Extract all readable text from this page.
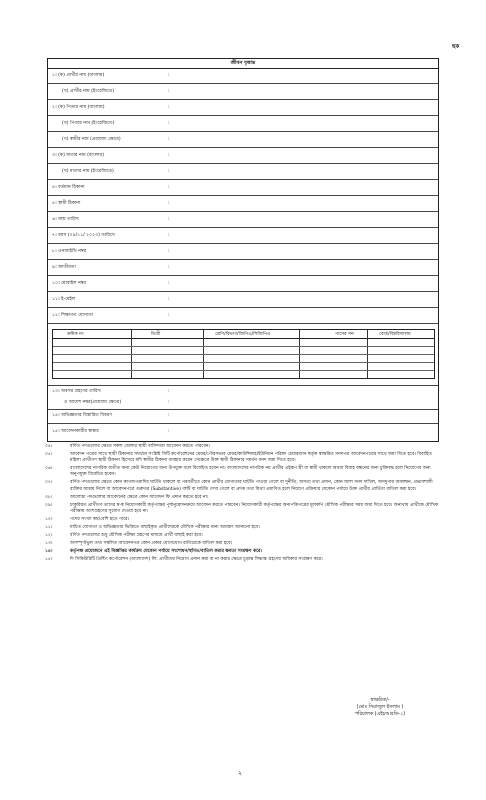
ছক
জীবন বৃত্তান্ত
১। (ক) প্রার্থীর নাম (বাংলায়)	:
(খ) প্রার্থীর নাম (ইংরেজিতে)	:
২। (ক) পিতার নাম (বাংলায়)	:
(খ) পিতার নাম (ইংরেজিতে)	:
(গ) স্বামীর নাম (প্রযোজ্য ক্ষেত্রে)	:
৩। (ক) মাতার নাম (বাংলায়)	:
(খ) মাতার নাম (ইংরেজিতে)	:
৪। বর্তমান ঠিকানা	:
৫। স্থায়ী ঠিকানা	:
৬। জন্ম তারিখ	:
৭। বয়স (০৯/১১/ ২০২৩) তারিখে	:
৮। এনআইডি নম্বর	:
৯। জাতীয়তা	:
১০। মোবাইল নম্বর	:
১১। ই-মেইল	:
১২। শিক্ষাগত যোগ্যতা	:
ক্রমিক নং	ডিগ্রী	শ্রেণি/বিভাগ/জিপিএ/সিজিপিএ	পাসের সন	বোর্ড/বিশ্ববিদ্যালয়
১৩। অবসর গ্রহণের তারিখ	:
ও আদেশ নম্বর(প্রযোজ্য ক্ষেত্রে)	:
১৪। অভিজ্ঞতার বিস্তারিত বিবরণ	:
১৫। আবেদনকারীর স্বাক্ষর	:
০৪।	বর্ণিত পদগুলোর ক্ষেত্রে সকল জেলার স্থায়ী বাসিন্দারা আবেদন করতে পারবেন।
০৫।	আবেদন পত্রের সাথে স্থায়ী ঠিকানার সমর্থনে সংশ্লিষ্ট সিটি কর্পোরেশনের মেয়র/পৌরসভার মেয়র/কাউন্সিলর/ইউনিয়ন পরিষদ চেয়ারম্যান কর্তৃক স্বাক্ষরিত সনদপত্র আবেদনপত্রের সাথে জমা দিতে হবে। বিবাহিত মহিলা প্রার্থীগণ স্থায়ী ঠিকানা হিসেবে যদি স্বামীর ঠিকানা ব্যবহার করেন সেক্ষেত্রে উক্ত স্থায়ী ঠিকানার সমর্থন সনদ জমা দিতে হবে।
০৬।	বাংলাদেশের নাগরিক ব্যতীত অন্য কেউ নিয়োগের জন্য উপযুক্ত বলে বিবেচিত হবেন না। বাংলাদেশের নাগরিক নয় প্রার্থীর এইরূপ স্ত্রী বা স্বামী থাকলে অথবা বিবাহ বন্ধনের জন্য চুক্তিবদ্ধ হলে নিয়োগের জন্য অনুপযুক্ত বিবেচিত হবেন।
০৭।	বর্ণিত পদগুলোর ক্ষেত্রে কোন কাগজপত্রাদির ঘাটতি থাকলে বা পরবর্তীতে কোন প্রার্থীর যোগ্যতার ঘাটতি পাওয়া গেলে বা দুর্নীতি, অসত্য তথ্য প্রদান, কোন জাল সনদ দাখিল, অসদুপায় অবলম্বন, প্রভাবশালী ব্যক্তির আশ্রয় নিলে বা আবেদনপত্রে গুরুতর (Substantive) ত্রুটি বা ঘাটতি দেখা গেলে বা প্রদত্ত তথ্য মিথ্যা প্রমাণিত হলে নিয়োগ প্রক্রিয়ার যেকোন পর্যায়ে উক্ত প্রার্থীর প্রার্থিতা বাতিল করা হবে।
০৮।	আলোচ্য পদগুলোর আবেদনের ক্ষেত্রে কোন আবেদন ফি প্রদান করতে হবে না।
০৯।	চাকুরিরত প্রার্থীগণ তাদের স্ব-স্ব নিয়োগকারী কর্তৃপক্ষের পূর্বানুমোদনক্রমে আবেদন করতে পারবেন। নিয়োগকারী কর্তৃপক্ষের অনাপত্তিপত্রের মূলকপি মৌখিক পরীক্ষার সময় জমা দিতে হবে। অন্যথায় প্রার্থীকে মৌখিক পরীক্ষায় অংশগ্রহণের সুযোগ দেওয়া হবে না।
১০।	পদের সংখ্যা কম/বেশি হতে পারে।
১১।	যাচিত যোগ্যতা ও অভিজ্ঞতার ভিত্তিতে বাছাইকৃত প্রার্থীদেরকে মৌখিক পরীক্ষার জন্য আমন্ত্রণ জানানো হবে।
১২।	বর্ণিত পদগুলোর শুধু মৌখিক পরীক্ষা গ্রহণের মাধ্যমে প্রার্থী বাছাই করা হবে।
১৩।	অসম্পূর্ণ/ভুল তথ্য সম্বলিত আবেদনপত্র কোন প্রকার যোগাযোগ ব্যতিরেকে বাতিল করা হবে।
১৪।	কর্তৃপক্ষ প্রয়োজনে এই বিজ্ঞপ্তির কার্যক্রম যেকোন পর্যায়ে সংশোধন/স্থগিত/বাতিল করার ক্ষমতা সংরক্ষণ করে।
১৫।	দি সিকিউরিটি প্রিন্টিং কর্পোরেশন (বাংলাদেশ) লি: প্রার্থীদের নিয়োগ প্রদান করা বা না করার ক্ষেত্রে চূড়ান্ত সিদ্ধান্ত গ্রহণের অধিকার সংরক্ষণ করে।
স্বাক্ষরিত/-
(মোঃ সিরাজুল ইসলাম )
পরিচালক (এইচআরডি-১)
২
